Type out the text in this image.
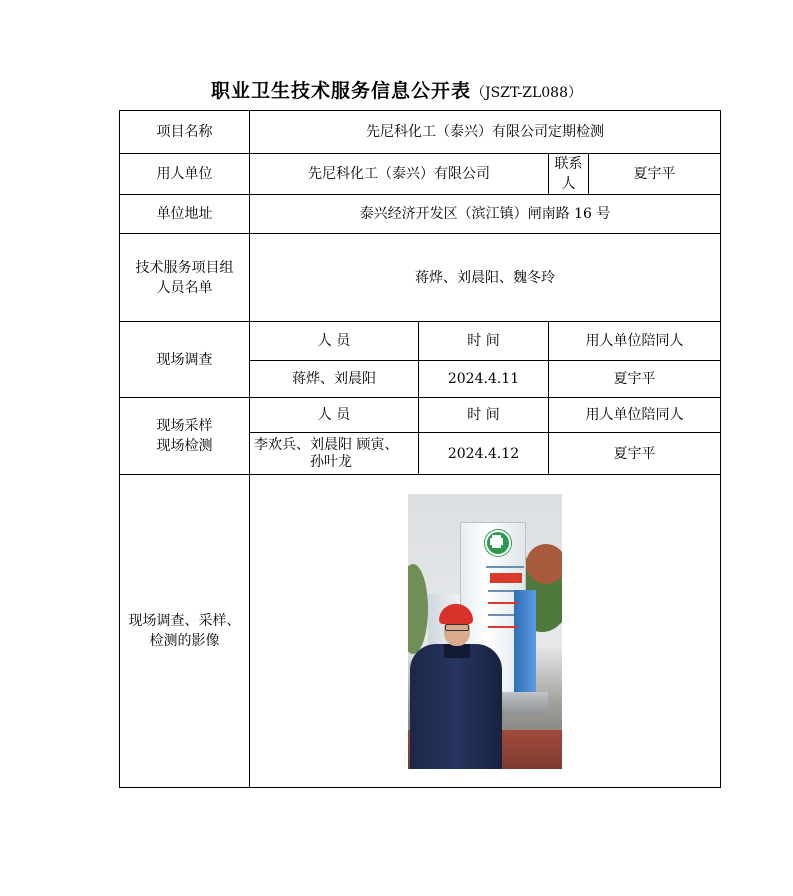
职业卫生技术服务信息公开表（JSZT-ZL088）
项目名称	先尼科化工（泰兴）有限公司定期检测			
用人单位	先尼科化工（泰兴）有限公司		联系人	夏宇平
单位地址	泰兴经济开发区（滨江镇）闸南路 16 号			

技术服务项目组
人员名单	蒋烨、刘晨阳、魏冬玲			
现场调查	人 员	时 间	用人单位陪同人	
	蒋烨、刘晨阳	2024.4.11	夏宇平	

现场采样
现场检测	人 员	时 间	用人单位陪同人	

	李欢兵、刘晨阳 顾寅、
孙叶龙	2024.4.12	夏宇平	

现场调查、采样、
检测的影像				
